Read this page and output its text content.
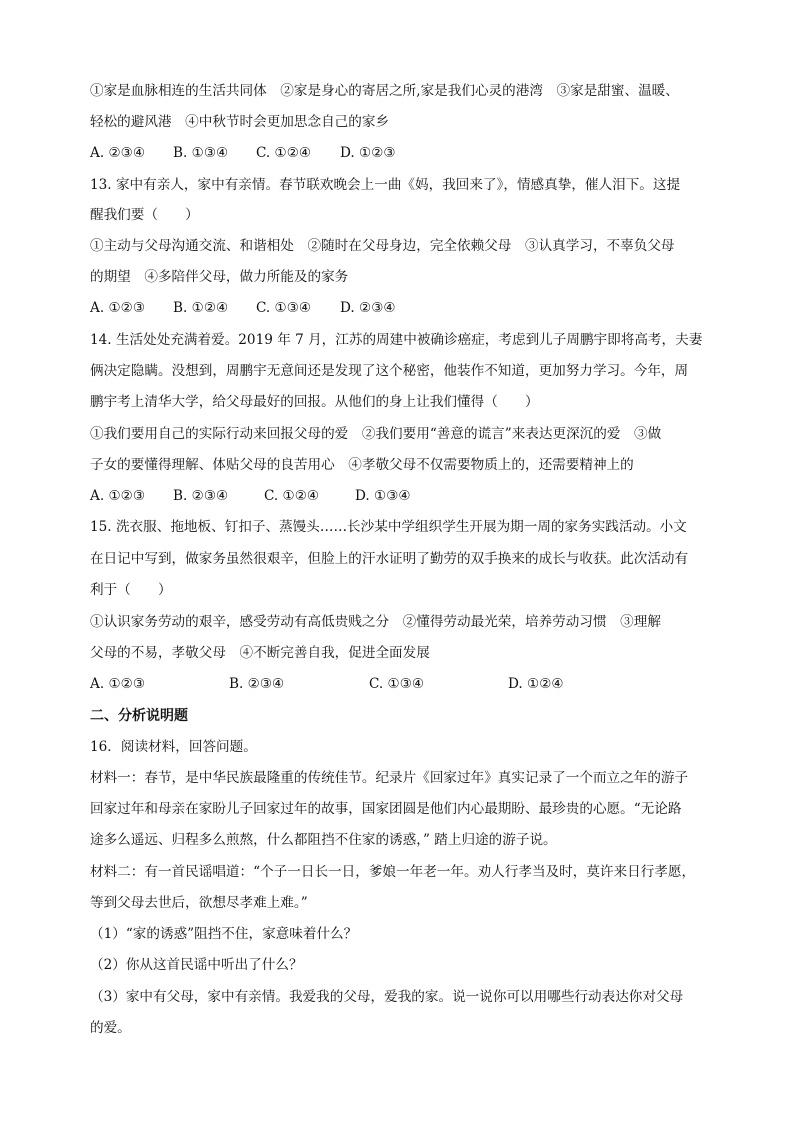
①家是血脉相连的生活共同体　②家是身心的寄居之所,家是我们心灵的港湾　③家是甜蜜、温暖、
轻松的避风港　④中秋节时会更加思念自己的家乡
A. ②③④ B. ①③④ C. ①②④ D. ①②③
13. 家中有亲人，家中有亲情。春节联欢晚会上一曲《妈，我回来了》，情感真挚，催人泪下。这提
醒我们要（　　）
①主动与父母沟通交流、和谐相处　②随时在父母身边，完全依赖父母　③认真学习，不辜负父母
的期望　④多陪伴父母，做力所能及的家务
A. ①②③ B. ①②④ C. ①③④ D. ②③④
14. 生活处处充满着爱。2019 年 7 月，江苏的周建中被确诊癌症，考虑到儿子周鹏宇即将高考，夫妻
俩决定隐瞒。没想到，周鹏宇无意间还是发现了这个秘密，他装作不知道，更加努力学习。今年，周
鹏宇考上清华大学，给父母最好的回报。从他们的身上让我们懂得（　　）
①我们要用自己的实际行动来回报父母的爱　②我们要用“善意的谎言”来表达更深沉的爱　③做
子女的要懂得理解、体贴父母的良苦用心　④孝敬父母不仅需要物质上的，还需要精神上的
A. ①②③ B. ②③④	C. ①②④	D. ①③④
15. 洗衣服、拖地板、钉扣子、蒸馒头……长沙某中学组织学生开展为期一周的家务实践活动。小文
在日记中写到，做家务虽然很艰辛，但脸上的汗水证明了勤劳的双手换来的成长与收获。此次活动有
利于（　　）
①认识家务劳动的艰辛，感受劳动有高低贵贱之分　②懂得劳动最光荣，培养劳动习惯　③理解
父母的不易，孝敬父母　④不断完善自我，促进全面发展
A. ①②③	B. ②③④	C. ①③④	D. ①②④
二、分析说明题
16．阅读材料，回答问题。
材料一：春节，是中华民族最隆重的传统佳节。纪录片《回家过年》真实记录了一个而立之年的游子
回家过年和母亲在家盼儿子回家过年的故事，国家团圆是他们内心最期盼、最珍贵的心愿。“无论路
途多么遥远、归程多么煎熬，什么都阻挡不住家的诱惑，” 踏上归途的游子说。
材料二：有一首民谣唱道：“个子一日长一日，爹娘一年老一年。劝人行孝当及时，莫许来日行孝愿，
等到父母去世后，欲想尽孝难上难。”
（1）“家的诱惑”阻挡不住，家意味着什么？
（2）你从这首民谣中听出了什么？
（3）家中有父母，家中有亲情。我爱我的父母，爱我的家。说一说你可以用哪些行动表达你对父母
的爱。
